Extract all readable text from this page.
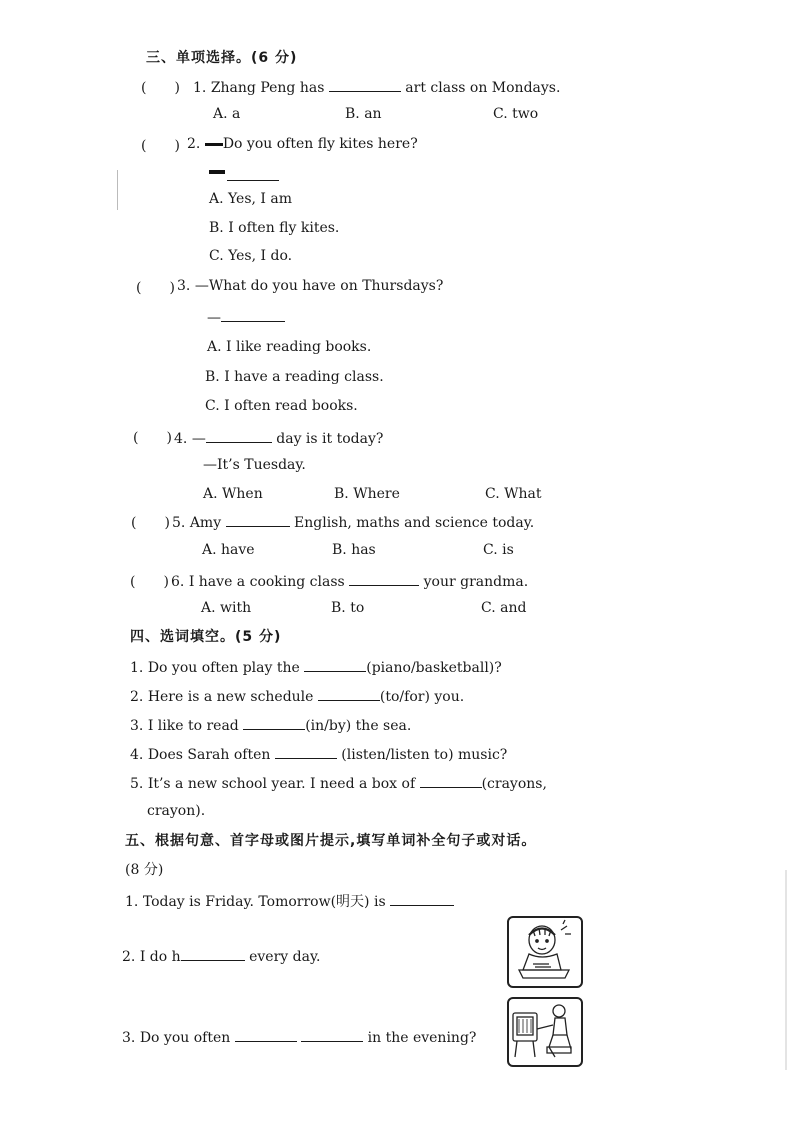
三、单项选择。(6 分)
(　　) 1. Zhang Peng has	art class on Mondays.
A. a	B. an	C. two
(　　) 2. Do you often fly kites here?
A. Yes, I am
B. I often fly kites.
C. Yes, I do.
(　　) 3. —What do you have on Thursdays?
—
A. I like reading books.
B. I have a reading class.
C. I often read books.
(　　) 4. —	day is it today?
—It’s Tuesday.
A. When	B. Where	C. What
(　　) 5. Amy	English, maths and science today.
A. have	B. has	C. is
(　　) 6. I have a cooking class	your grandma.
A. with	B. to	C. and
四、选词填空。(5 分)
1. Do you often play the	(piano/basketball)?
2. Here is a new schedule	(to/for) you.
3. I like to read	(in/by) the sea.
4. Does Sarah often	(listen/listen to) music?
5. It’s a new school year. I need a box of	(crayons,
crayon).
五、根据句意、首字母或图片提示,填写单词补全句子或对话。
(8 分)
1. Today is Friday. Tomorrow(明天) is
2. I do h	every day.
3. Do you often	in the evening?
